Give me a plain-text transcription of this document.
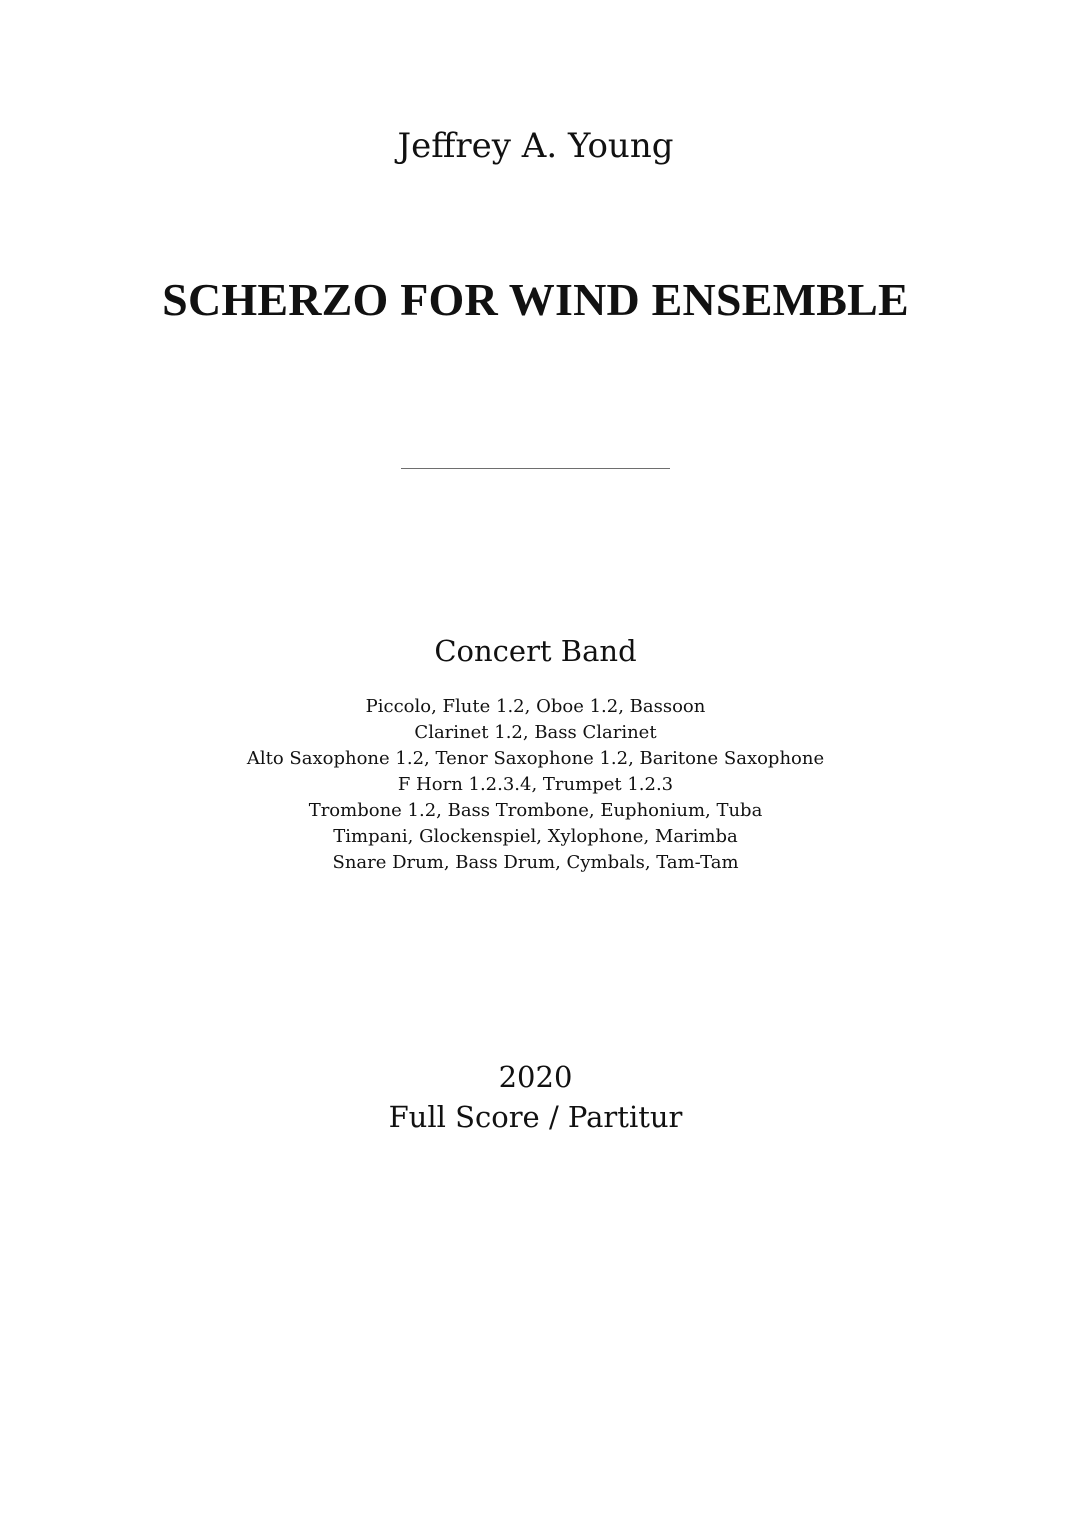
Jeffrey A. Young
SCHERZO FOR WIND ENSEMBLE
Concert Band
Piccolo, Flute 1.2, Oboe 1.2, Bassoon
Clarinet 1.2, Bass Clarinet
Alto Saxophone 1.2, Tenor Saxophone 1.2, Baritone Saxophone
F Horn 1.2.3.4, Trumpet 1.2.3
Trombone 1.2, Bass Trombone, Euphonium, Tuba
Timpani, Glockenspiel, Xylophone, Marimba
Snare Drum, Bass Drum, Cymbals, Tam-Tam
2020
Full Score / Partitur
